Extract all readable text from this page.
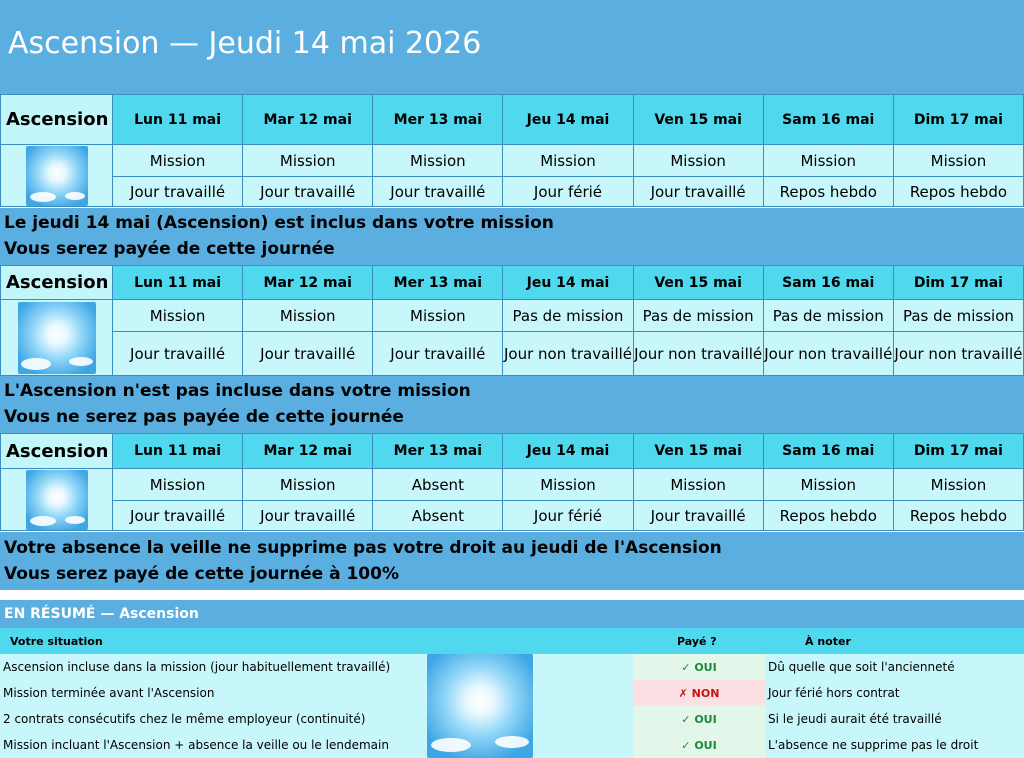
Ascension — Jeudi 14 mai 2026
Ascension	Lun 11 mai	Mar 12 mai	Mer 13 mai	Jeu 14 mai	Ven 15 mai	Sam 16 mai	Dim 17 mai

	Mission	Mission	Mission	Mission	Mission	Mission	Mission
	Jour travaillé	Jour travaillé	Jour travaillé	Jour férié	Jour travaillé	Repos hebdo	Repos hebdo
Le jeudi 14 mai (Ascension) est inclus dans votre mission
Vous serez payée de cette journée
Ascension	Lun 11 mai	Mar 12 mai	Mer 13 mai	Jeu 14 mai	Ven 15 mai	Sam 16 mai	Dim 17 mai

	Mission	Mission	Mission	Pas de mission	Pas de mission	Pas de mission	Pas de mission
	Jour travaillé	Jour travaillé	Jour travaillé	Jour non travaillé	Jour non travaillé	Jour non travaillé	Jour non travaillé
L'Ascension n'est pas incluse dans votre mission
Vous ne serez pas payée de cette journée
Ascension	Lun 11 mai	Mar 12 mai	Mer 13 mai	Jeu 14 mai	Ven 15 mai	Sam 16 mai	Dim 17 mai

	Mission	Mission	Absent	Mission	Mission	Mission	Mission
	Jour travaillé	Jour travaillé	Absent	Jour férié	Jour travaillé	Repos hebdo	Repos hebdo
Votre absence la veille ne supprime pas votre droit au jeudi de l'Ascension
Vous serez payé de cette journée à 100%
EN RÉSUMÉ — Ascension
Votre situation			Payé ?	À noter
Ascension incluse dans la mission (jour habituellement travaillé)			✓ OUI	Dû quelle que soit l'ancienneté
Mission terminée avant l'Ascension			✗ NON	Jour férié hors contrat
2 contrats consécutifs chez le même employeur (continuité)			✓ OUI	Si le jeudi aurait été travaillé
Mission incluant l'Ascension + absence la veille ou le lendemain			✓ OUI	L'absence ne supprime pas le droit
